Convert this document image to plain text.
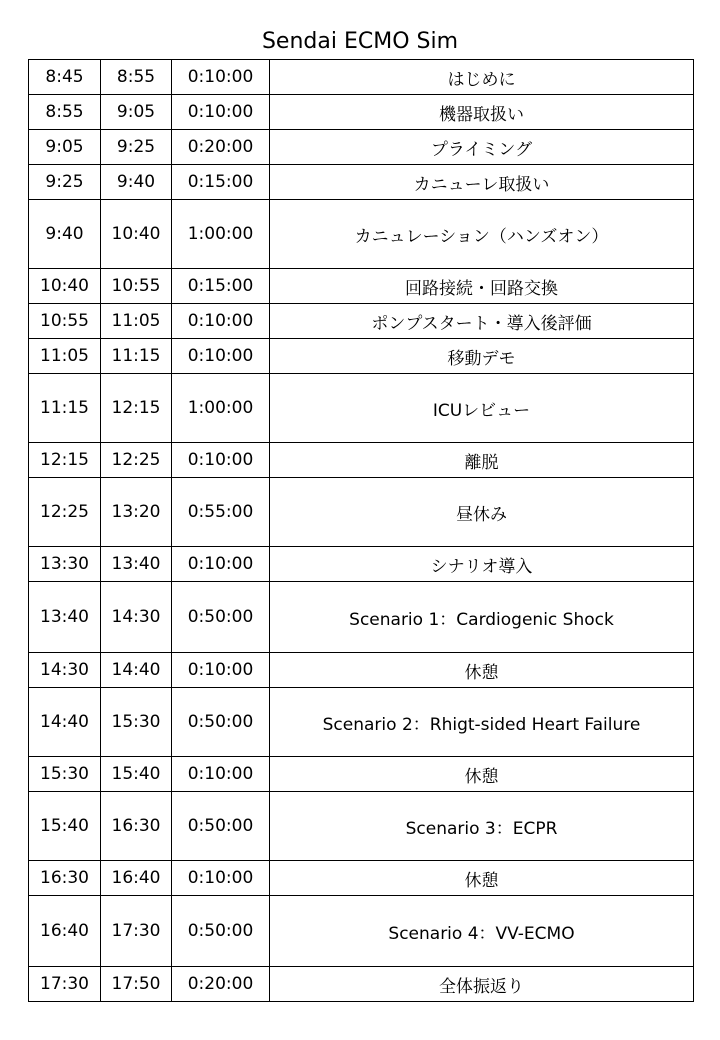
Sendai ECMO Sim
8:45	8:55	0:10:00	はじめに
8:55	9:05	0:10:00	機器取扱い
9:05	9:25	0:20:00	プライミング
9:25	9:40	0:15:00	カニューレ取扱い
9:40	10:40	1:00:00	カニュレーション（ハンズオン）
10:40	10:55	0:15:00	回路接続・回路交換
10:55	11:05	0:10:00	ポンプスタート・導入後評価
11:05	11:15	0:10:00	移動デモ
11:15	12:15	1:00:00	ICUレビュー
12:15	12:25	0:10:00	離脱
12:25	13:20	0:55:00	昼休み
13:30	13:40	0:10:00	シナリオ導入
13:40	14:30	0:50:00	Scenario 1：Cardiogenic Shock
14:30	14:40	0:10:00	休憩
14:40	15:30	0:50:00	Scenario 2：Rhigt-sided Heart Failure
15:30	15:40	0:10:00	休憩
15:40	16:30	0:50:00	Scenario 3：ECPR
16:30	16:40	0:10:00	休憩
16:40	17:30	0:50:00	Scenario 4：VV-ECMO
17:30	17:50	0:20:00	全体振返り
